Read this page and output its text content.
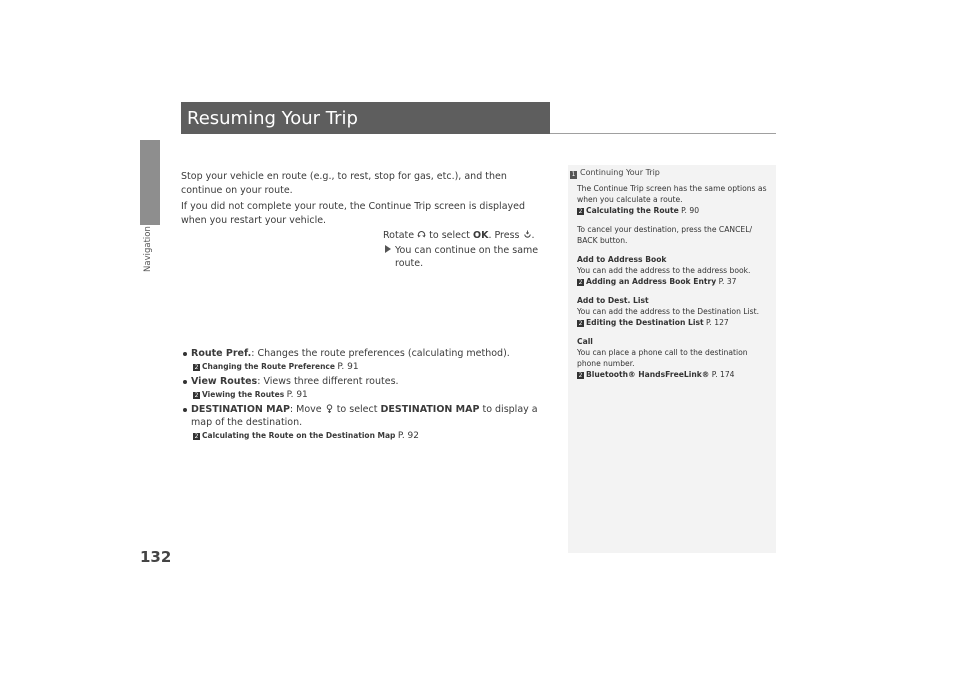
Navigation
132
Resuming Your Trip
Stop your vehicle en route (e.g., to rest, stop for gas, etc.), and then continue on your route.
If you did not complete your route, the Continue Trip screen is displayed when you restart your vehicle.
Rotate to select OK. Press .
You can continue on the same route.
Route Pref.: Changes the route preferences (calculating method).
2 Changing the Route Preference P. 91
View Routes: Views three different routes.
2 Viewing the Routes P. 91
DESTINATION MAP: Move to select DESTINATION MAP to display a map of the destination.
2 Calculating the Route on the Destination Map P. 92
1 Continuing Your Trip
The Continue Trip screen has the same options as when you calculate a route.
2 Calculating the Route P. 90
To cancel your destination, press the CANCEL/ BACK button.
Add to Address Book
You can add the address to the address book.
2 Adding an Address Book Entry P. 37
Add to Dest. List
You can add the address to the Destination List.
2 Editing the Destination List P. 127
Call
You can place a phone call to the destination phone number.
2 Bluetooth® HandsFreeLink® P. 174
